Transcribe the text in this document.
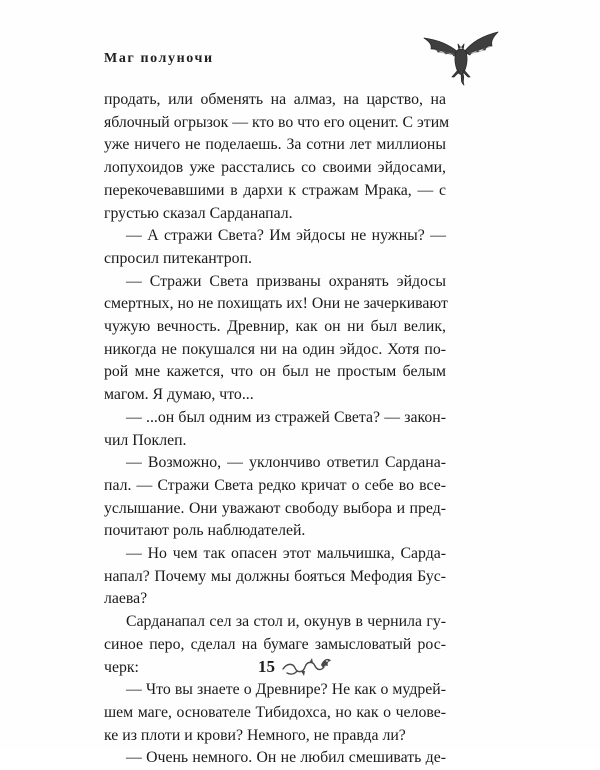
Маг полуночи
продать, или обменять на алмаз, на царство, на
яблочный огрызок — кто во что его оценит. С этим
уже ничего не поделаешь. За сотни лет миллионы
лопухоидов уже расстались со своими эйдосами,
перекочевавшими в дархи к стражам Мрака, — с
грустью сказал Сарданапал.
— А стражи Света? Им эйдосы не нужны? —
спросил питекантроп.
— Стражи Света призваны охранять эйдосы
смертных, но не похищать их! Они не зачеркивают
чужую вечность. Древнир, как он ни был велик,
никогда не покушался ни на один эйдос. Хотя по-
рой мне кажется, что он был не простым белым
магом. Я думаю, что...
— ...он был одним из стражей Света? — закон-
чил Поклеп.
— Возможно, — уклончиво ответил Сардана-
пал. — Стражи Света редко кричат о себе во все-
услышание. Они уважают свободу выбора и пред-
почитают роль наблюдателей.
— Но чем так опасен этот мальчишка, Сарда-
напал? Почему мы должны бояться Мефодия Бус-
лаева?
Сарданапал сел за стол и, окунув в чернила гу-
синое перо, сделал на бумаге замысловатый рос-
черк:
— Что вы знаете о Древнире? Не как о мудрей-
шем маге, основателе Тибидохса, но как о челове-
ке из плоти и крови? Немного, не правда ли?
— Очень немного. Он не любил смешивать де-
15
